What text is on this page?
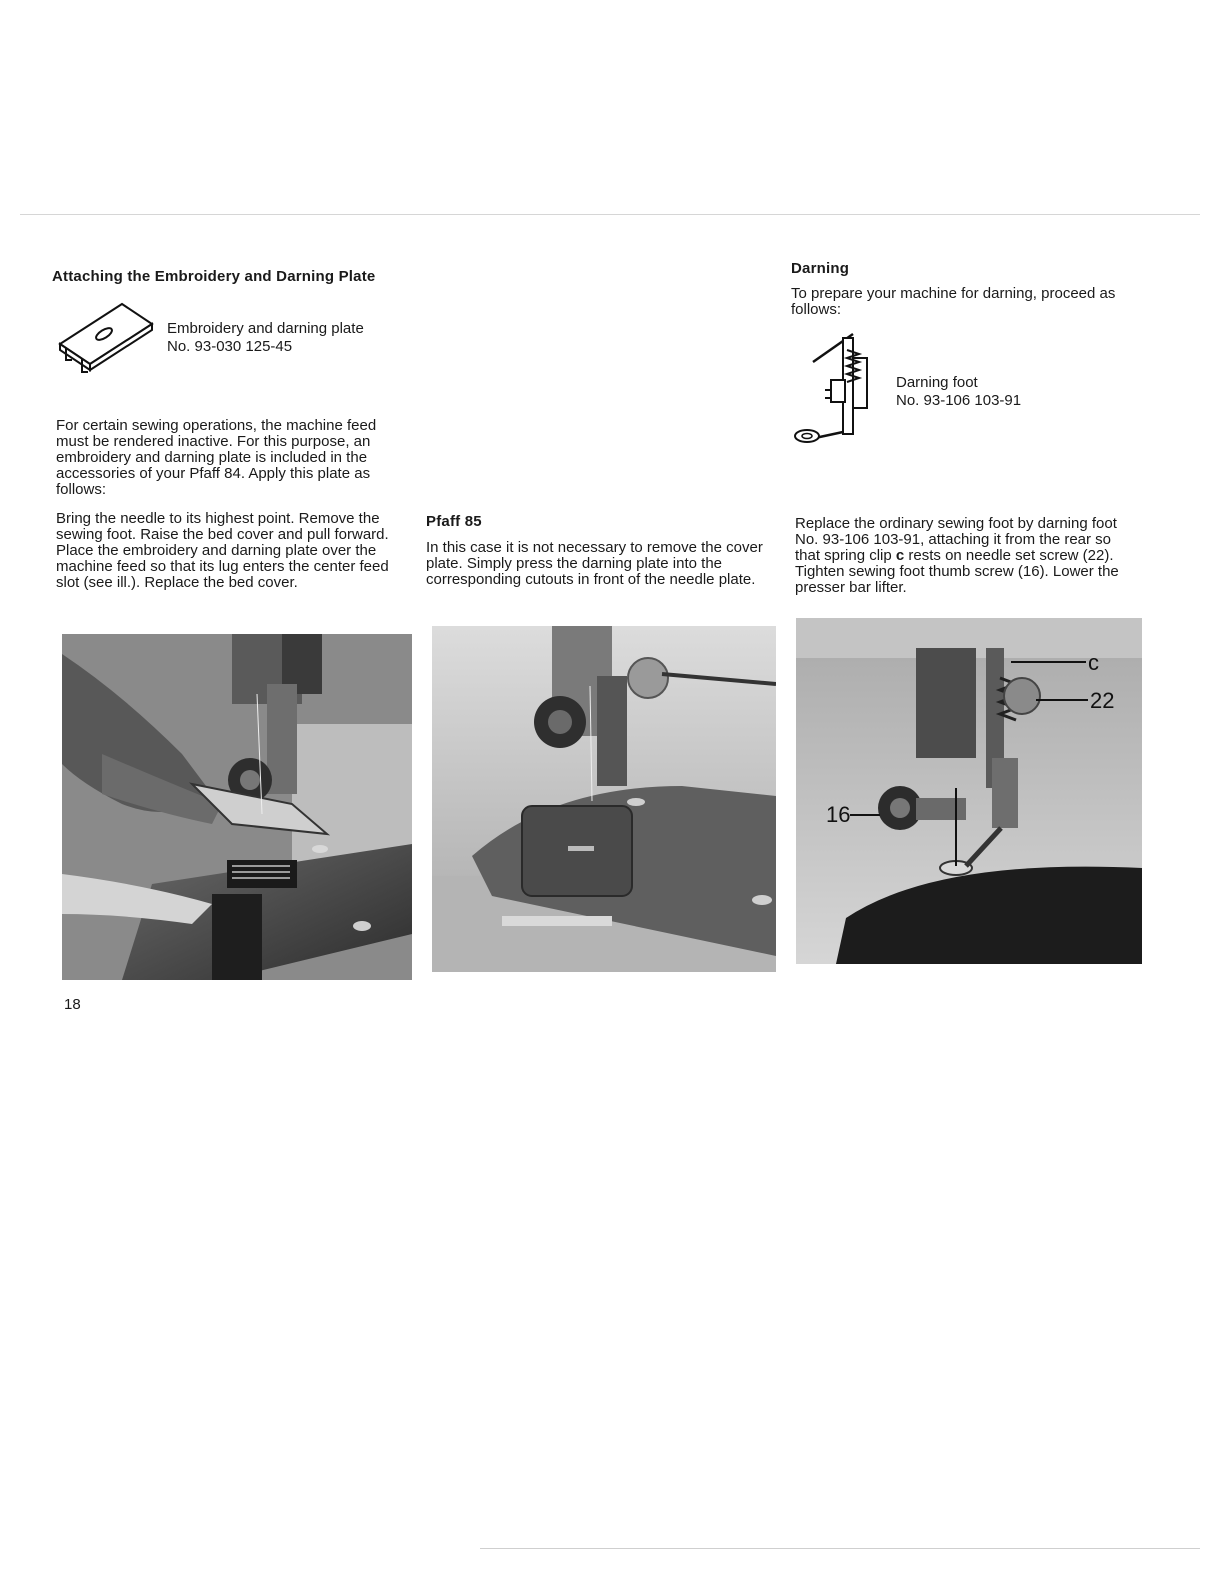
Attaching the Embroidery and Darning Plate
Embroidery and darning plate
No. 93-030 125-45

For certain sewing operations, the machine feed must be rendered inactive. For this purpose, an embroidery and darning plate is included in the accessories of your Pfaff 84. Apply this plate as follows:

Bring the needle to its highest point. Remove the sewing foot. Raise the bed cover and pull forward. Place the embroidery and darning plate over the machine feed so that its lug enters the center feed slot (see ill.). Replace the bed cover.

Pfaff 85

In this case it is not necessary to remove the cover plate. Simply press the darning plate into the corresponding cutouts in front of the needle plate.

Darning

To prepare your machine for darning, proceed as follows:

Darning foot
No. 93-106 103-91

Replace the ordinary sewing foot by darning foot No. 93-106 103-91, attaching it from the rear so that spring clip c rests on needle set screw (22). Tighten sewing foot thumb screw (16). Lower the presser bar lifter.

c
22
16
18
